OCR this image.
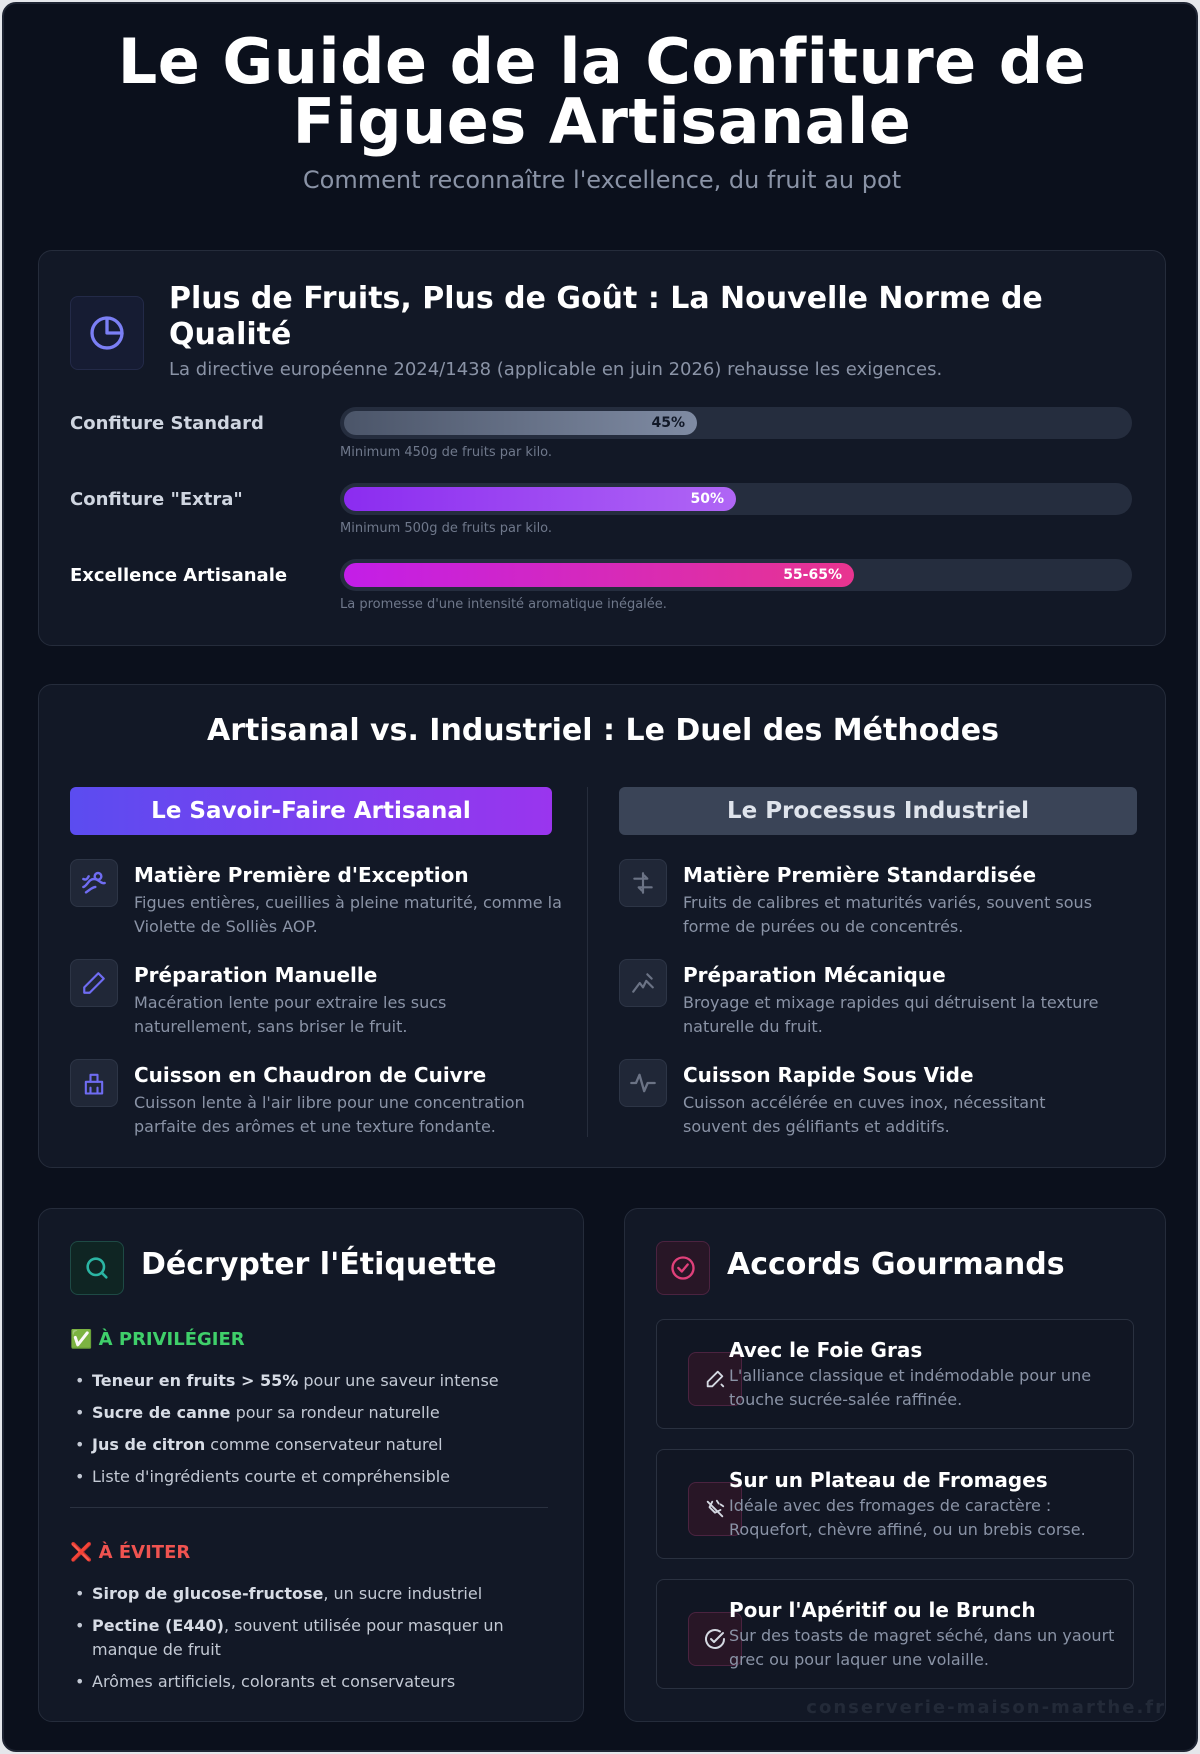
Le Guide de la Confiture de
Figues Artisanale
Comment reconnaître l'excellence, du fruit au pot
Plus de Fruits, Plus de Goût : La Nouvelle Norme de Qualité
La directive européenne 2024/1438 (applicable en juin 2026) rehausse les exigences.
Confiture Standard	45%
Minimum 450g de fruits par kilo.
Confiture "Extra"	50%
Minimum 500g de fruits par kilo.
Excellence Artisanale	55-65%
La promesse d'une intensité aromatique inégalée.
Artisanal vs. Industriel : Le Duel des Méthodes
Le Savoir-Faire Artisanal	Le Processus Industriel
Matière Première d'Exception
Figues entières, cueillies à pleine maturité, comme la Violette de Solliès AOP.
Préparation Manuelle
Macération lente pour extraire les sucs naturellement, sans briser le fruit.
Cuisson en Chaudron de Cuivre
Cuisson lente à l'air libre pour une concentration parfaite des arômes et une texture fondante.
Matière Première Standardisée
Fruits de calibres et maturités variés, souvent sous forme de purées ou de concentrés.
Préparation Mécanique
Broyage et mixage rapides qui détruisent la texture naturelle du fruit.
Cuisson Rapide Sous Vide
Cuisson accélérée en cuves inox, nécessitant souvent des gélifiants et additifs.
Décrypter l'Étiquette
✅ À PRIVILÉGIER
• Teneur en fruits > 55% pour une saveur intense
• Sucre de canne pour sa rondeur naturelle
• Jus de citron comme conservateur naturel
• Liste d'ingrédients courte et compréhensible
❌ À ÉVITER
• Sirop de glucose-fructose, un sucre industriel
• Pectine (E440), souvent utilisée pour masquer un manque de fruit
• Arômes artificiels, colorants et conservateurs
Accords Gourmands
Avec le Foie Gras
L'alliance classique et indémodable pour une touche sucrée-salée raffinée.
Sur un Plateau de Fromages
Idéale avec des fromages de caractère : Roquefort, chèvre affiné, ou un brebis corse.
Pour l'Apéritif ou le Brunch
Sur des toasts de magret séché, dans un yaourt grec ou pour laquer une volaille.
conserverie-maison-marthe.fr
